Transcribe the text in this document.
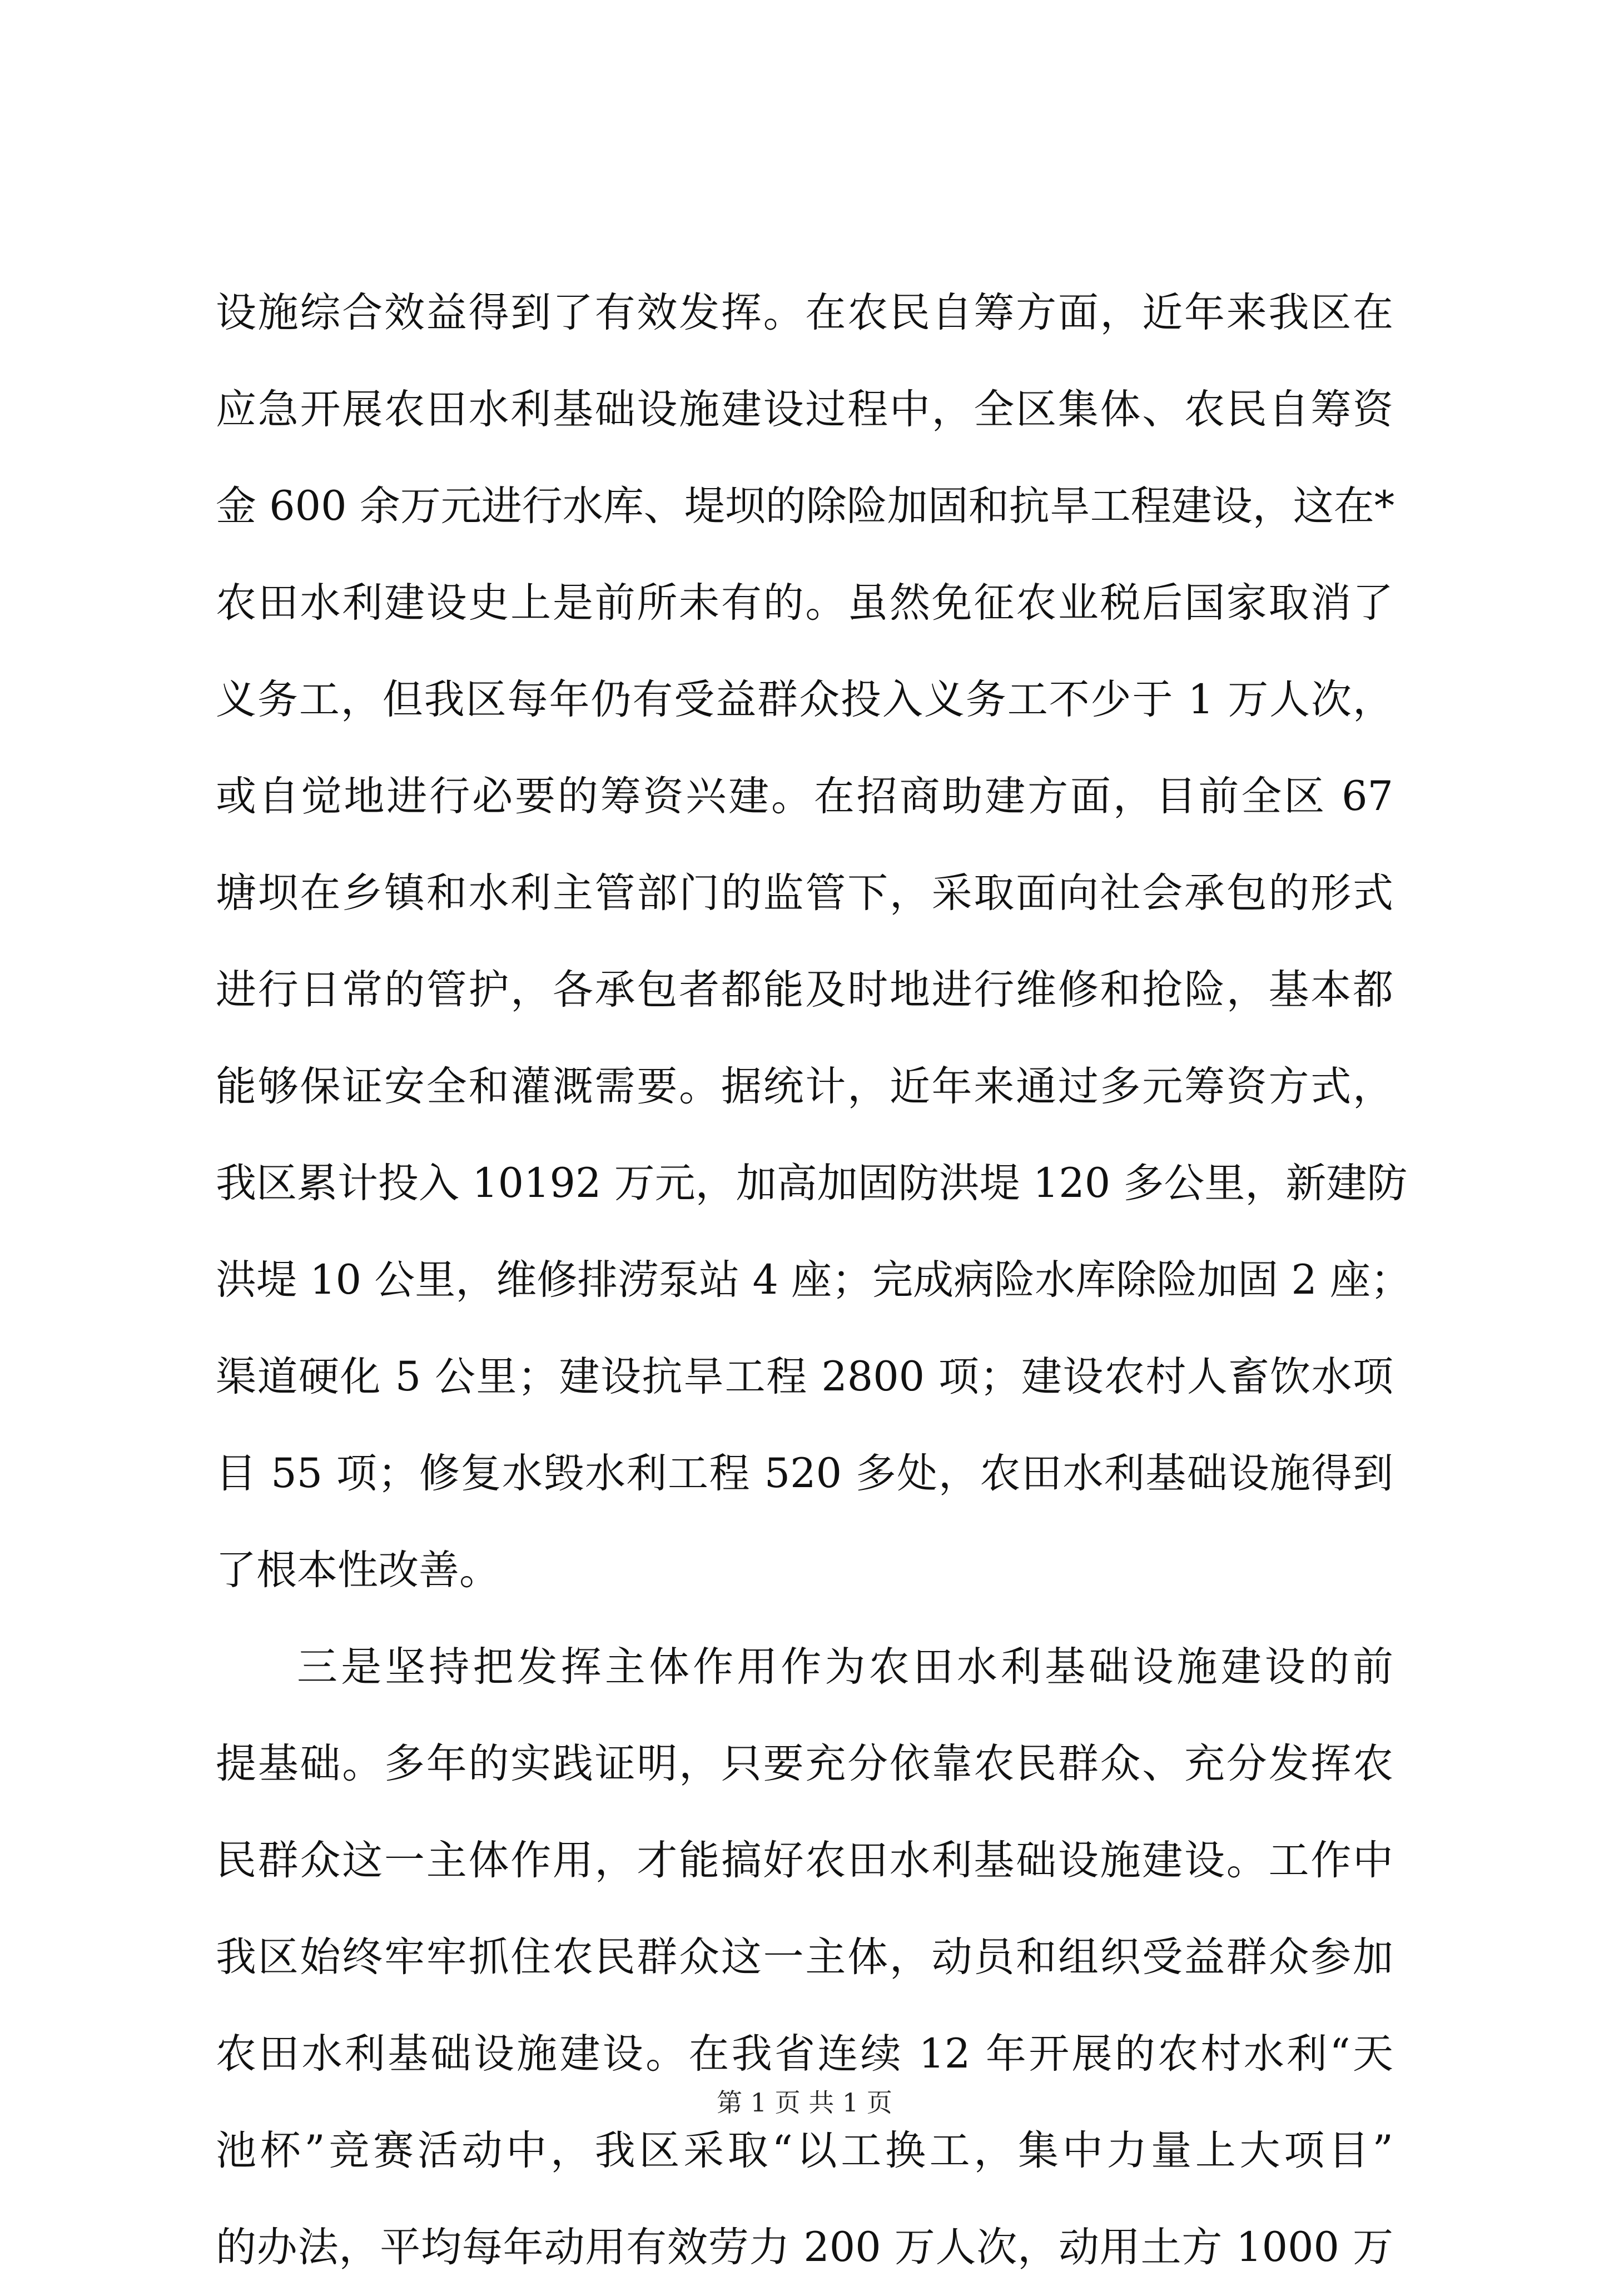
设施综合效益得到了有效发挥。在农民自筹方面，近年来我区在
应急开展农田水利基础设施建设过程中，全区集体、农民自筹资
金 600 余万元进行水库、堤坝的除险加固和抗旱工程建设，这在*
农田水利建设史上是前所未有的。虽然免征农业税后国家取消了
义务工，但我区每年仍有受益群众投入义务工不少于 1 万人次，
或自觉地进行必要的筹资兴建。在招商助建方面，目前全区 67
塘坝在乡镇和水利主管部门的监管下，采取面向社会承包的形式
进行日常的管护，各承包者都能及时地进行维修和抢险，基本都
能够保证安全和灌溉需要。据统计，近年来通过多元筹资方式，
我区累计投入 10192 万元，加高加固防洪堤 120 多公里，新建防
洪堤 10 公里，维修排涝泵站 4 座；完成病险水库除险加固 2 座；
渠道硬化 5 公里；建设抗旱工程 2800 项；建设农村人畜饮水项
目 55 项；修复水毁水利工程 520 多处，农田水利基础设施得到
了根本性改善。
三是坚持把发挥主体作用作为农田水利基础设施建设的前
提基础。多年的实践证明，只要充分依靠农民群众、充分发挥农
民群众这一主体作用，才能搞好农田水利基础设施建设。工作中
我区始终牢牢抓住农民群众这一主体，动员和组织受益群众参加
农田水利基础设施建设。在我省连续 12 年开展的农村水利“天
池杯”竞赛活动中，我区采取“以工换工，集中力量上大项目”
的办法，平均每年动用有效劳力 200 万人次，动用土方 1000 万
第 1 页 共 1 页
